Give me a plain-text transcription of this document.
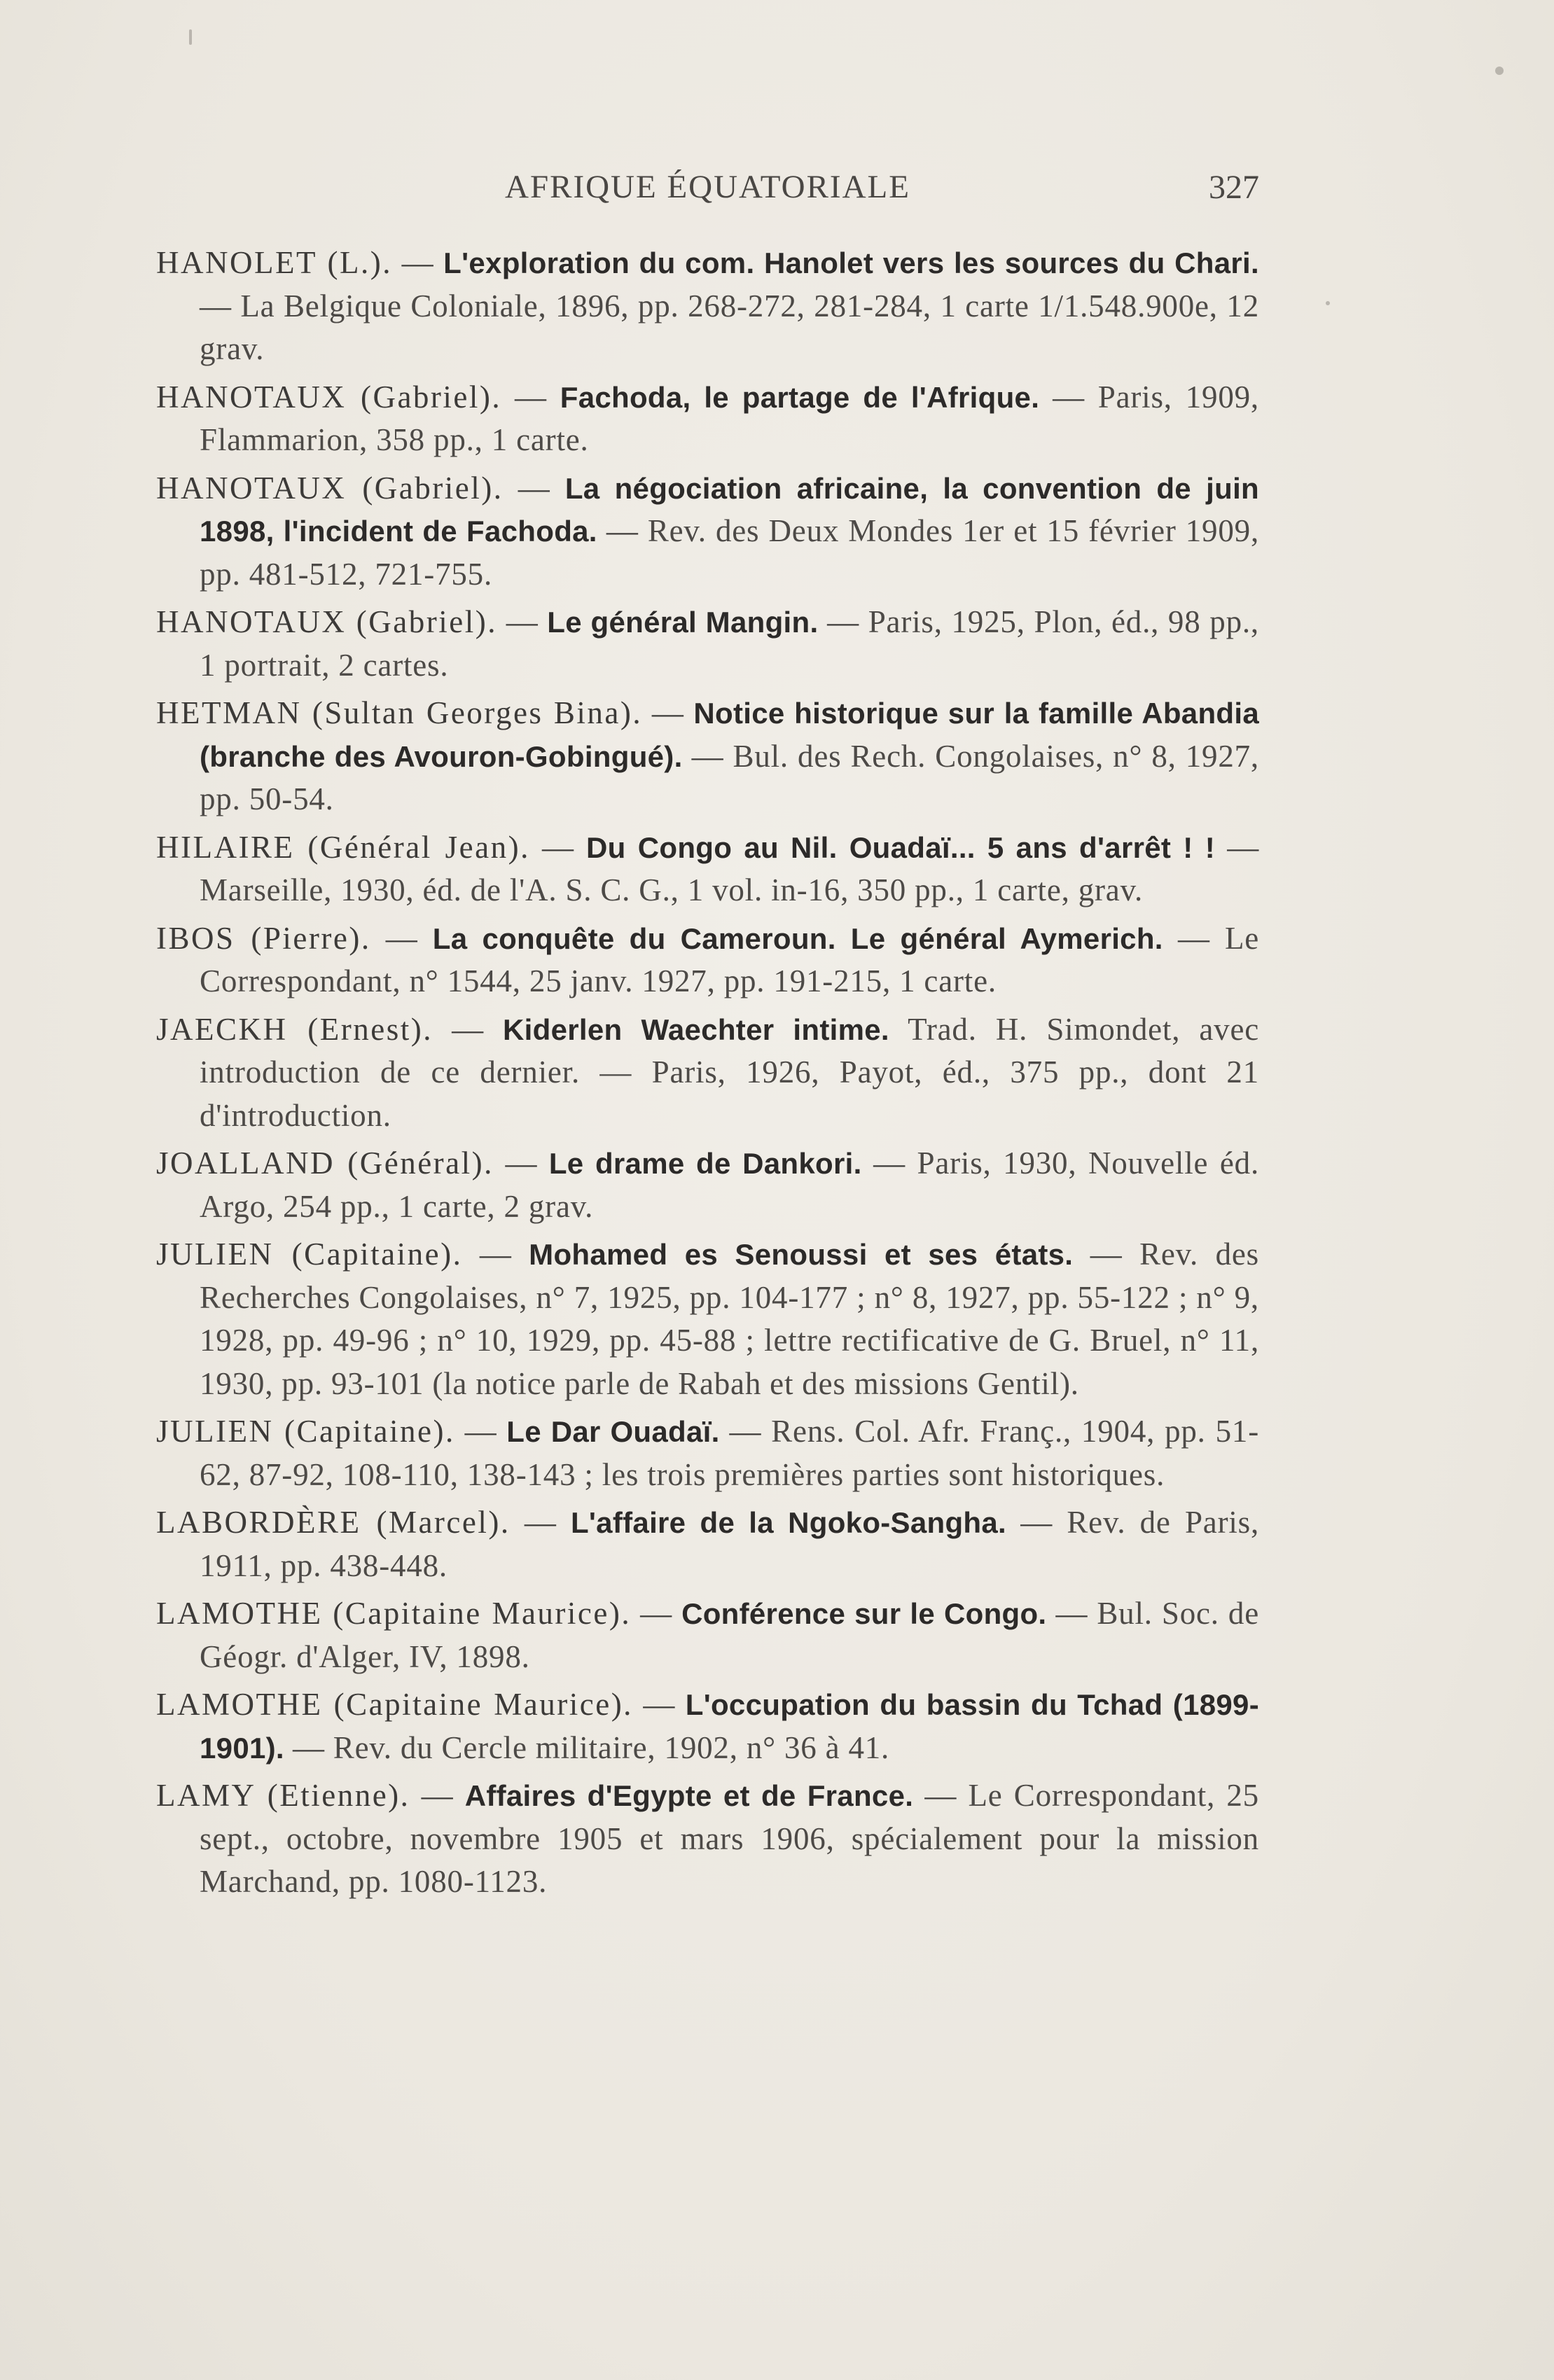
AFRIQUE ÉQUATORIALE	327
HANOLET (L.). — L'exploration du com. Hanolet vers les sources du Chari. — La Belgique Coloniale, 1896, pp. 268-272, 281-284, 1 carte 1/1.548.900e, 12 grav.
HANOTAUX (Gabriel). — Fachoda, le partage de l'Afrique. — Paris, 1909, Flammarion, 358 pp., 1 carte.
HANOTAUX (Gabriel). — La négociation africaine, la convention de juin 1898, l'incident de Fachoda. — Rev. des Deux Mondes 1er et 15 février 1909, pp. 481-512, 721-755.
HANOTAUX (Gabriel). — Le général Mangin. — Paris, 1925, Plon, éd., 98 pp., 1 portrait, 2 cartes.
HETMAN (Sultan Georges Bina). — Notice historique sur la famille Abandia (branche des Avouron-Gobingué). — Bul. des Rech. Congolaises, n° 8, 1927, pp. 50-54.
HILAIRE (Général Jean). — Du Congo au Nil. Ouadaï... 5 ans d'arrêt ! ! — Marseille, 1930, éd. de l'A. S. C. G., 1 vol. in-16, 350 pp., 1 carte, grav.
IBOS (Pierre). — La conquête du Cameroun. Le général Aymerich. — Le Correspondant, n° 1544, 25 janv. 1927, pp. 191-215, 1 carte.
JAECKH (Ernest). — Kiderlen Waechter intime. Trad. H. Simondet, avec introduction de ce dernier. — Paris, 1926, Payot, éd., 375 pp., dont 21 d'introduction.
JOALLAND (Général). — Le drame de Dankori. — Paris, 1930, Nouvelle éd. Argo, 254 pp., 1 carte, 2 grav.
JULIEN (Capitaine). — Mohamed es Senoussi et ses états. — Rev. des Recherches Congolaises, n° 7, 1925, pp. 104-177 ; n° 8, 1927, pp. 55-122 ; n° 9, 1928, pp. 49-96 ; n° 10, 1929, pp. 45-88 ; lettre rectificative de G. Bruel, n° 11, 1930, pp. 93-101 (la notice parle de Rabah et des missions Gentil).
JULIEN (Capitaine). — Le Dar Ouadaï. — Rens. Col. Afr. Franç., 1904, pp. 51-62, 87-92, 108-110, 138-143 ; les trois premières parties sont historiques.
LABORDÈRE (Marcel). — L'affaire de la Ngoko-Sangha. — Rev. de Paris, 1911, pp. 438-448.
LAMOTHE (Capitaine Maurice). — Conférence sur le Congo. — Bul. Soc. de Géogr. d'Alger, IV, 1898.
LAMOTHE (Capitaine Maurice). — L'occupation du bassin du Tchad (1899-1901). — Rev. du Cercle militaire, 1902, n° 36 à 41.
LAMY (Etienne). — Affaires d'Egypte et de France. — Le Correspondant, 25 sept., octobre, novembre 1905 et mars 1906, spécialement pour la mission Marchand, pp. 1080-1123.
